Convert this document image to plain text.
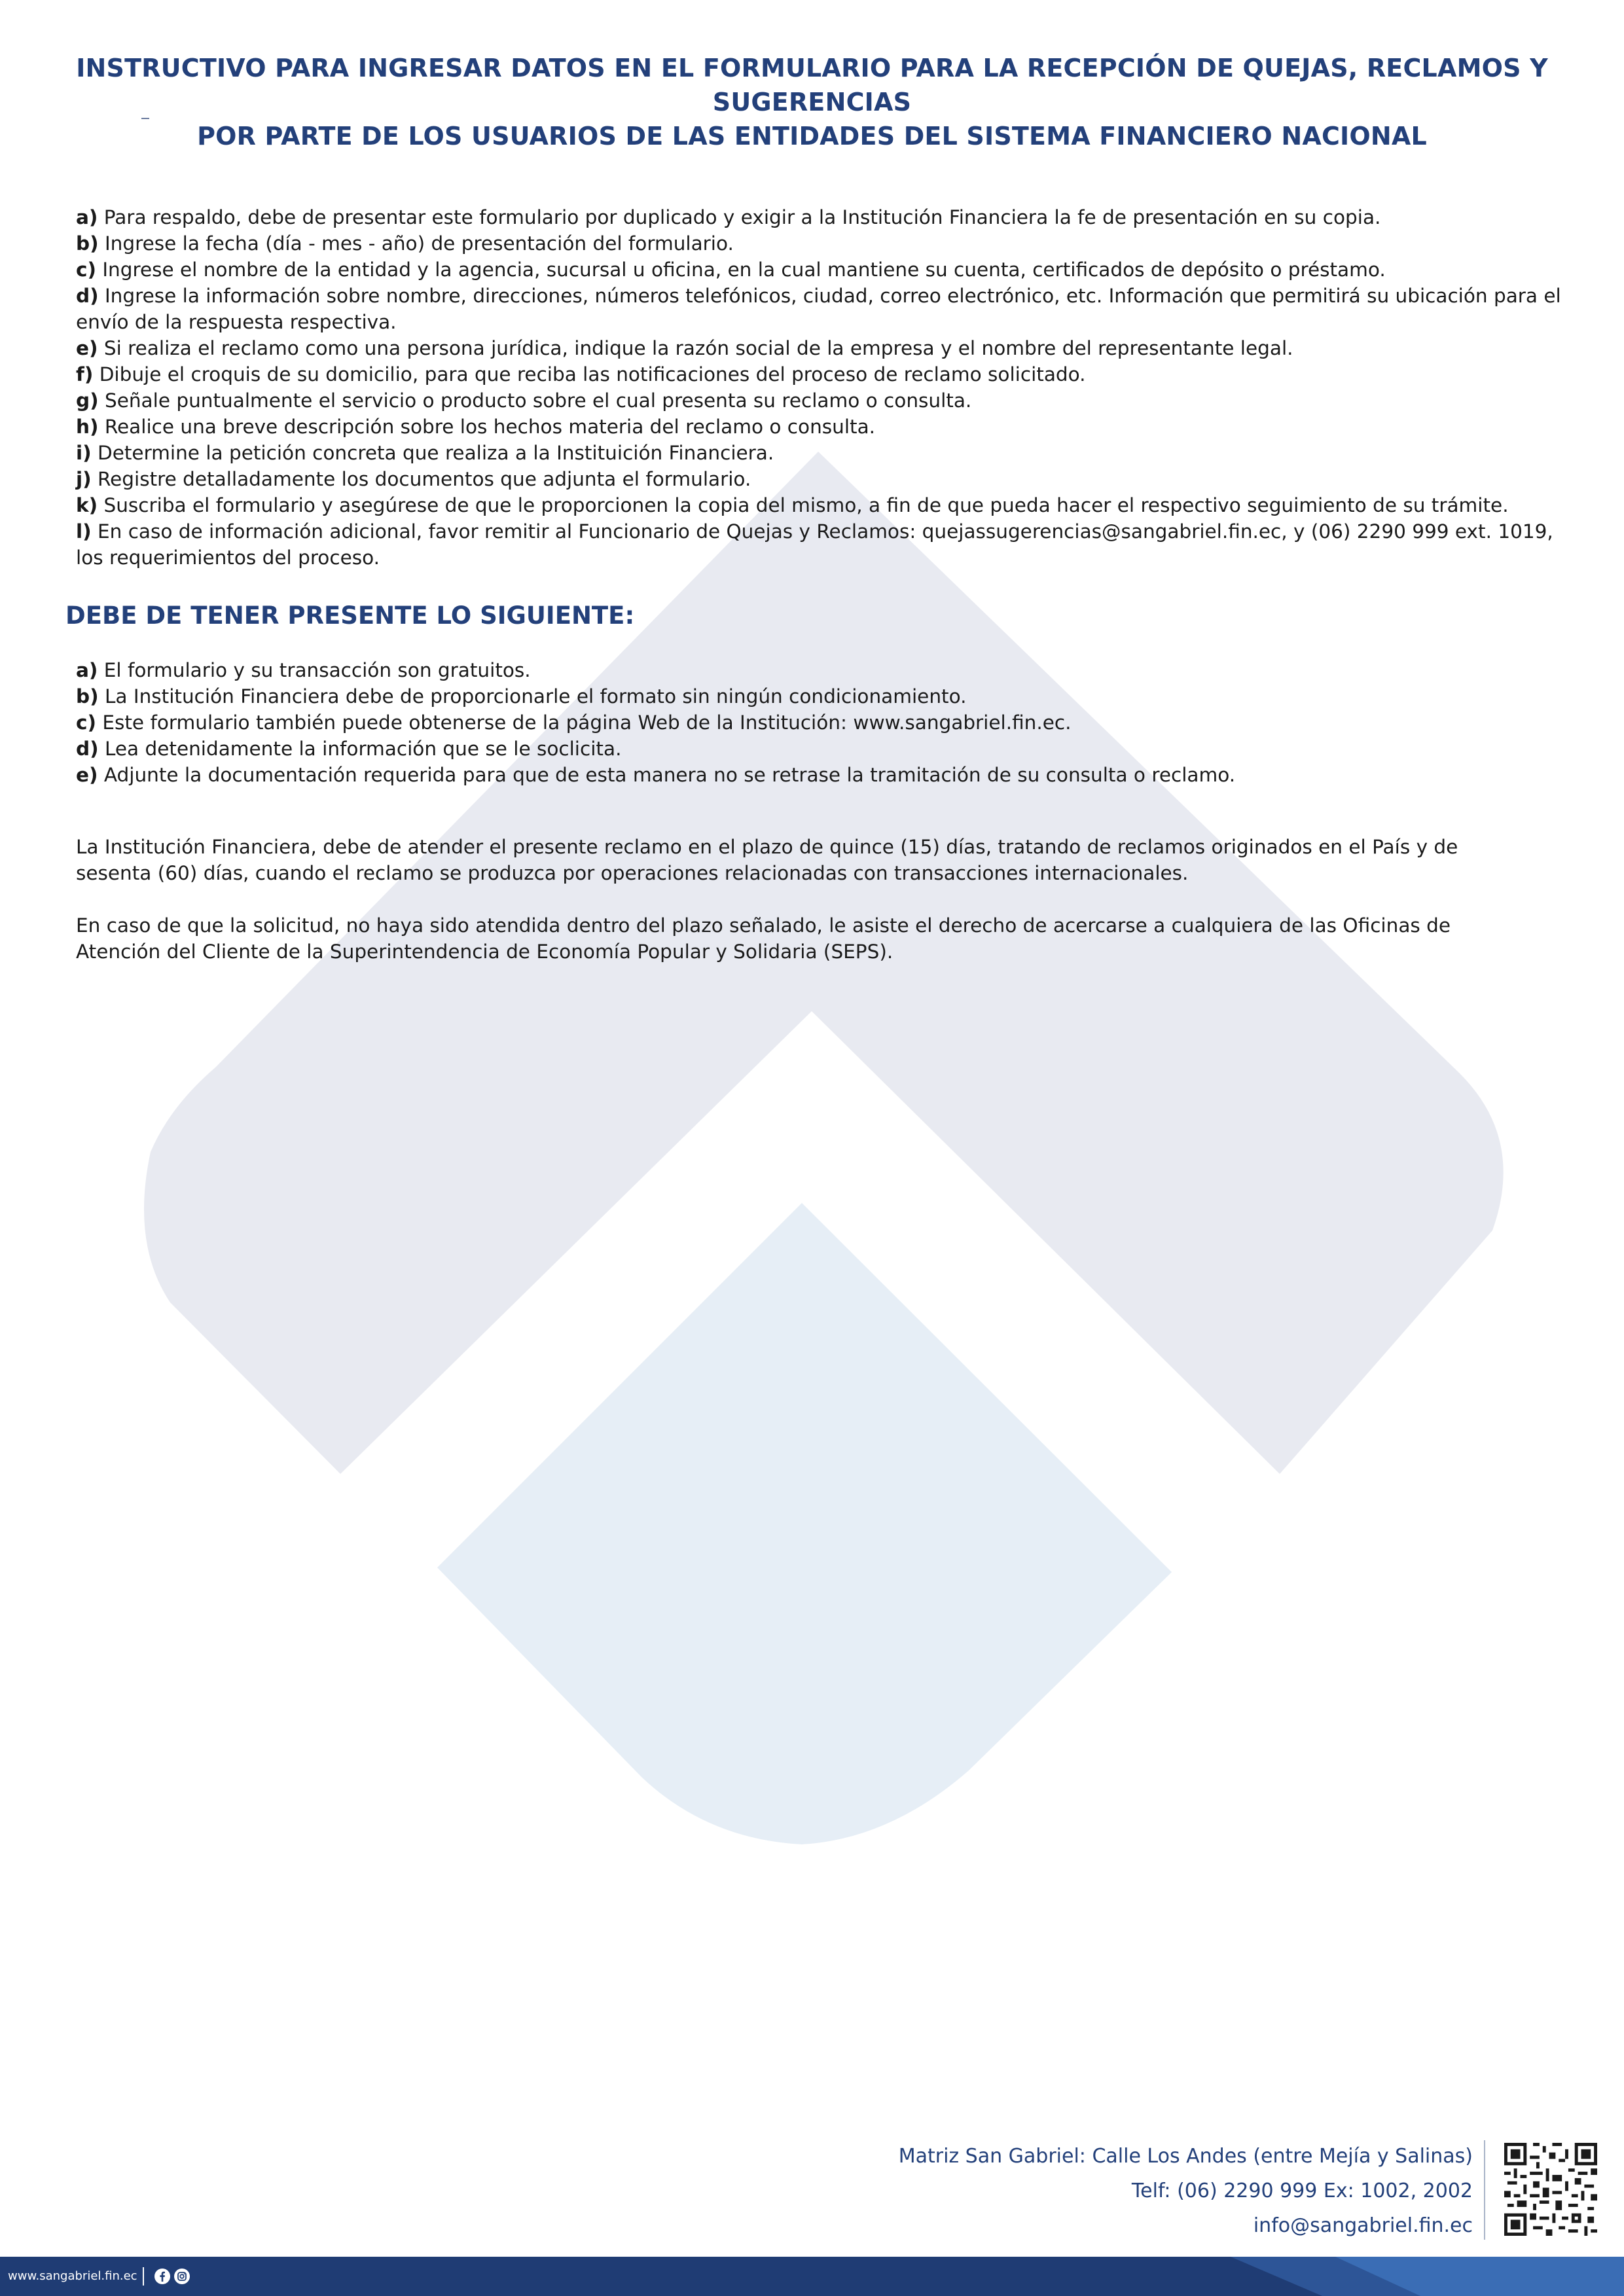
INSTRUCTIVO PARA INGRESAR DATOS EN EL FORMULARIO PARA LA RECEPCIÓN DE QUEJAS, RECLAMOS Y SUGERENCIAS
POR PARTE DE LOS USUARIOS DE LAS ENTIDADES DEL SISTEMA FINANCIERO NACIONAL

a) Para respaldo, debe de presentar este formulario por duplicado y exigir a la Institución Financiera la fe de presentación en su copia.

b) Ingrese la fecha (día - mes - año) de presentación del formulario.

c) Ingrese el nombre de la entidad y la agencia, sucursal u oficina, en la cual mantiene su cuenta, certificados de depósito o préstamo.

d) Ingrese la información sobre nombre, direcciones, números telefónicos, ciudad, correo electrónico, etc. Información que permitirá su ubicación para el envío de la respuesta respectiva.

e) Si realiza el reclamo como una persona jurídica, indique la razón social de la empresa y el nombre del representante legal.

f) Dibuje el croquis de su domicilio, para que reciba las notificaciones del proceso de reclamo solicitado.

g) Señale puntualmente el servicio o producto sobre el cual presenta su reclamo o consulta.

h) Realice una breve descripción sobre los hechos materia del reclamo o consulta.

i) Determine la petición concreta que realiza a la Instituición Financiera.

j) Registre detalladamente los documentos que adjunta el formulario.

k) Suscriba el formulario y asegúrese de que le proporcionen la copia del mismo, a fin de que pueda hacer el respectivo seguimiento de su trámite.

l) En caso de información adicional, favor remitir al Funcionario de Quejas y Reclamos: quejassugerencias@sangabriel.fin.ec, y (06) 2290 999 ext. 1019, los requerimientos del proceso.

DEBE DE TENER PRESENTE LO SIGUIENTE:

a) El formulario y su transacción son gratuitos.

b) La Institución Financiera debe de proporcionarle el formato sin ningún condicionamiento.

c) Este formulario también puede obtenerse de la página Web de la Institución: www.sangabriel.fin.ec.

d) Lea detenidamente la información que se le soclicita.

e) Adjunte la documentación requerida para que de esta manera no se retrase la tramitación de su consulta o reclamo.

La Institución Financiera, debe de atender el presente reclamo en el plazo de quince (15) días, tratando de reclamos originados en el País y de sesenta (60) días, cuando el reclamo se produzca por operaciones relacionadas con transacciones internacionales.

En caso de que la solicitud, no haya sido atendida dentro del plazo señalado, le asiste el derecho de acercarse a cualquiera de las Oficinas de Atención del Cliente de la Superintendencia de Economía Popular y Solidaria (SEPS).

Matriz San Gabriel: Calle Los Andes (entre Mejía y Salinas)
Telf: (06) 2290 999 Ex: 1002, 2002
info@sangabriel.fin.ec
www.sangabriel.fin.ec
